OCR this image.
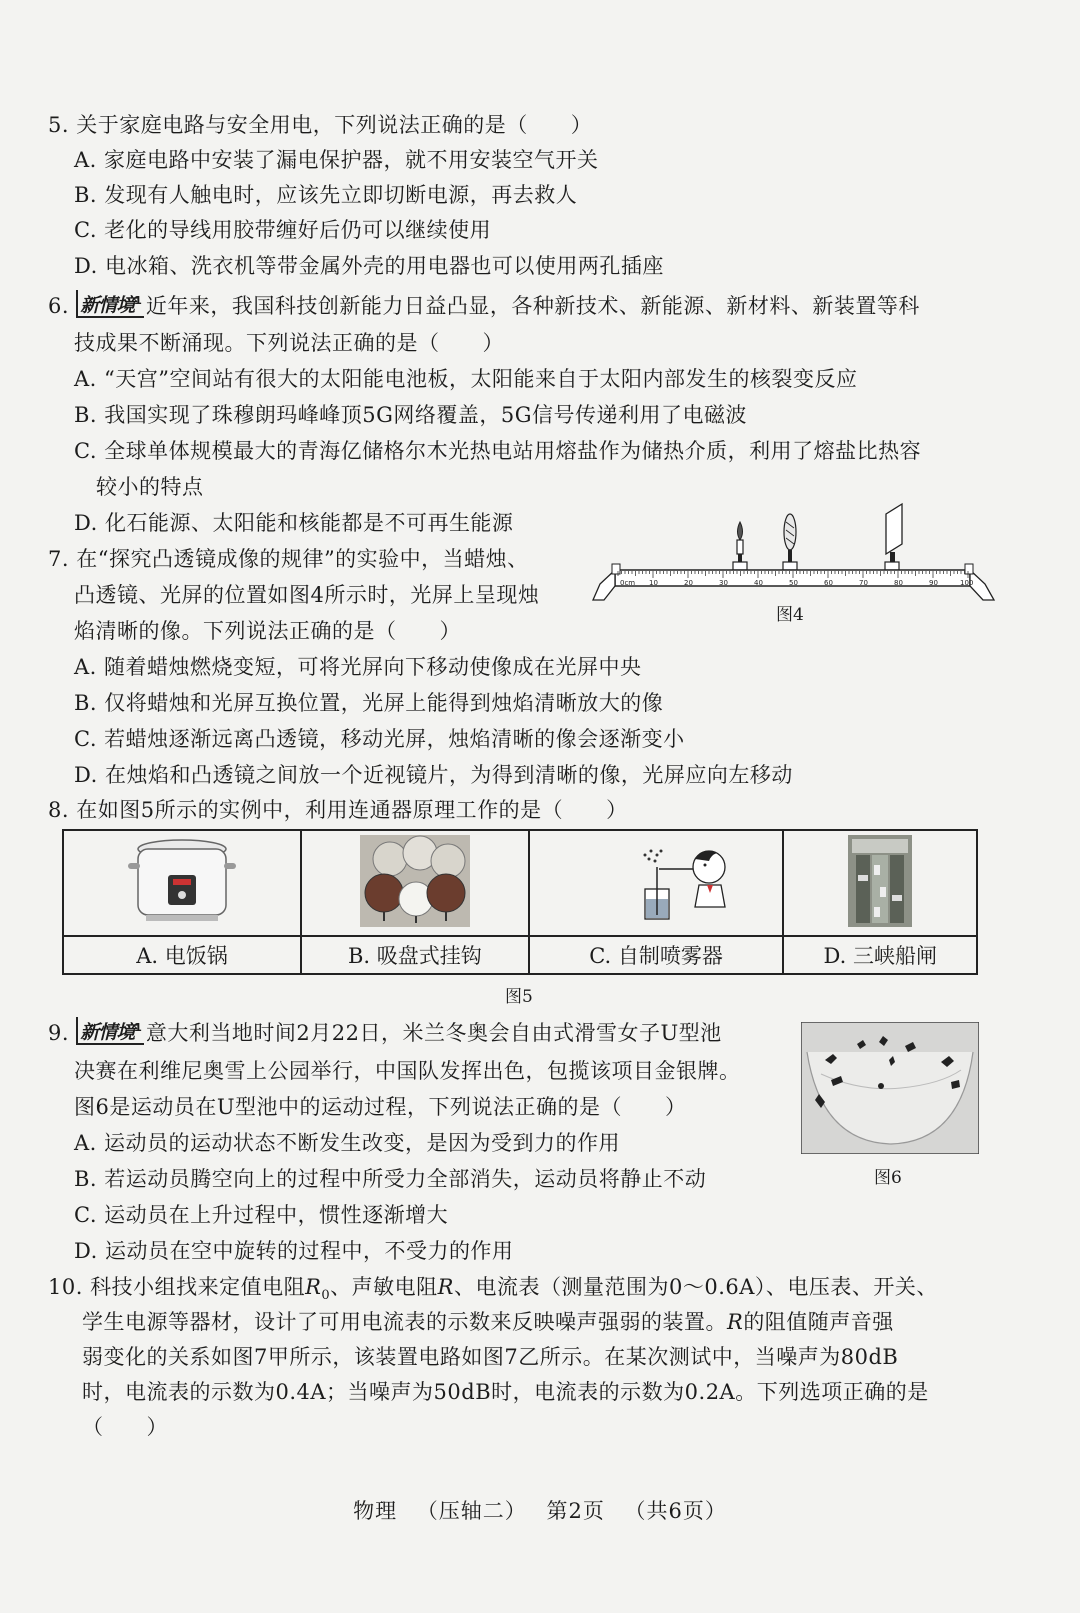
5. 关于家庭电路与安全用电，下列说法正确的是（　　）
A. 家庭电路中安装了漏电保护器，就不用安装空气开关
B. 发现有人触电时，应该先立即切断电源，再去救人
C. 老化的导线用胶带缠好后仍可以继续使用
D. 电冰箱、洗衣机等带金属外壳的用电器也可以使用两孔插座
6. 新情境$^1$ 近年来，我国科技创新能力日益凸显，各种新技术、新能源、新材料、新装置等科
技成果不断涌现。下列说法正确的是（　　）
A. “天宫”空间站有很大的太阳能电池板，太阳能来自于太阳内部发生的核裂变反应
B. 我国实现了珠穆朗玛峰峰顶5G网络覆盖，5G信号传递利用了电磁波
C. 全球单体规模最大的青海亿储格尔木光热电站用熔盐作为储热介质，利用了熔盐比热容
较小的特点
D. 化石能源、太阳能和核能都是不可再生能源
7. 在“探究凸透镜成像的规律”的实验中，当蜡烛、
凸透镜、光屏的位置如图4所示时，光屏上呈现烛
焰清晰的像。下列说法正确的是（　　）
A. 随着蜡烛燃烧变短，可将光屏向下移动使像成在光屏中央
B. 仅将蜡烛和光屏互换位置，光屏上能得到烛焰清晰放大的像
C. 若蜡烛逐渐远离凸透镜，移动光屏，烛焰清晰的像会逐渐变小
D. 在烛焰和凸透镜之间放一个近视镜片，为得到清晰的像，光屏应向左移动
0cm 10	20	30	40	50	60	70	80	90	100
图4
8. 在如图5所示的实例中，利用连通器原理工作的是（　　）

A. 电饭锅	B. 吸盘式挂钩	C. 自制喷雾器	D. 三峡船闸
图5
9. 新情境$^1$ 意大利当地时间2月22日，米兰冬奥会自由式滑雪女子U型池
决赛在利维尼奥雪上公园举行，中国队发挥出色，包揽该项目金银牌。
图6是运动员在U型池中的运动过程，下列说法正确的是（　　）
A. 运动员的运动状态不断发生改变，是因为受到力的作用
B. 若运动员腾空向上的过程中所受力全部消失，运动员将静止不动
C. 运动员在上升过程中，惯性逐渐增大
D. 运动员在空中旋转的过程中，不受力的作用
图6
10. 科技小组找来定值电阻$R_0$、声敏电阻R、电流表（测量范围为0～0.6A）、电压表、开关、
学生电源等器材，设计了可用电流表的示数来反映噪声强弱的装置。R的阻值随声音强
弱变化的关系如图7甲所示，该装置电路如图7乙所示。在某次测试中，当噪声为80dB
时，电流表的示数为0.4A；当噪声为50dB时，电流表的示数为0.2A。下列选项正确的是
（　　）
物理 （压轴二） 第2页 （共6页）
